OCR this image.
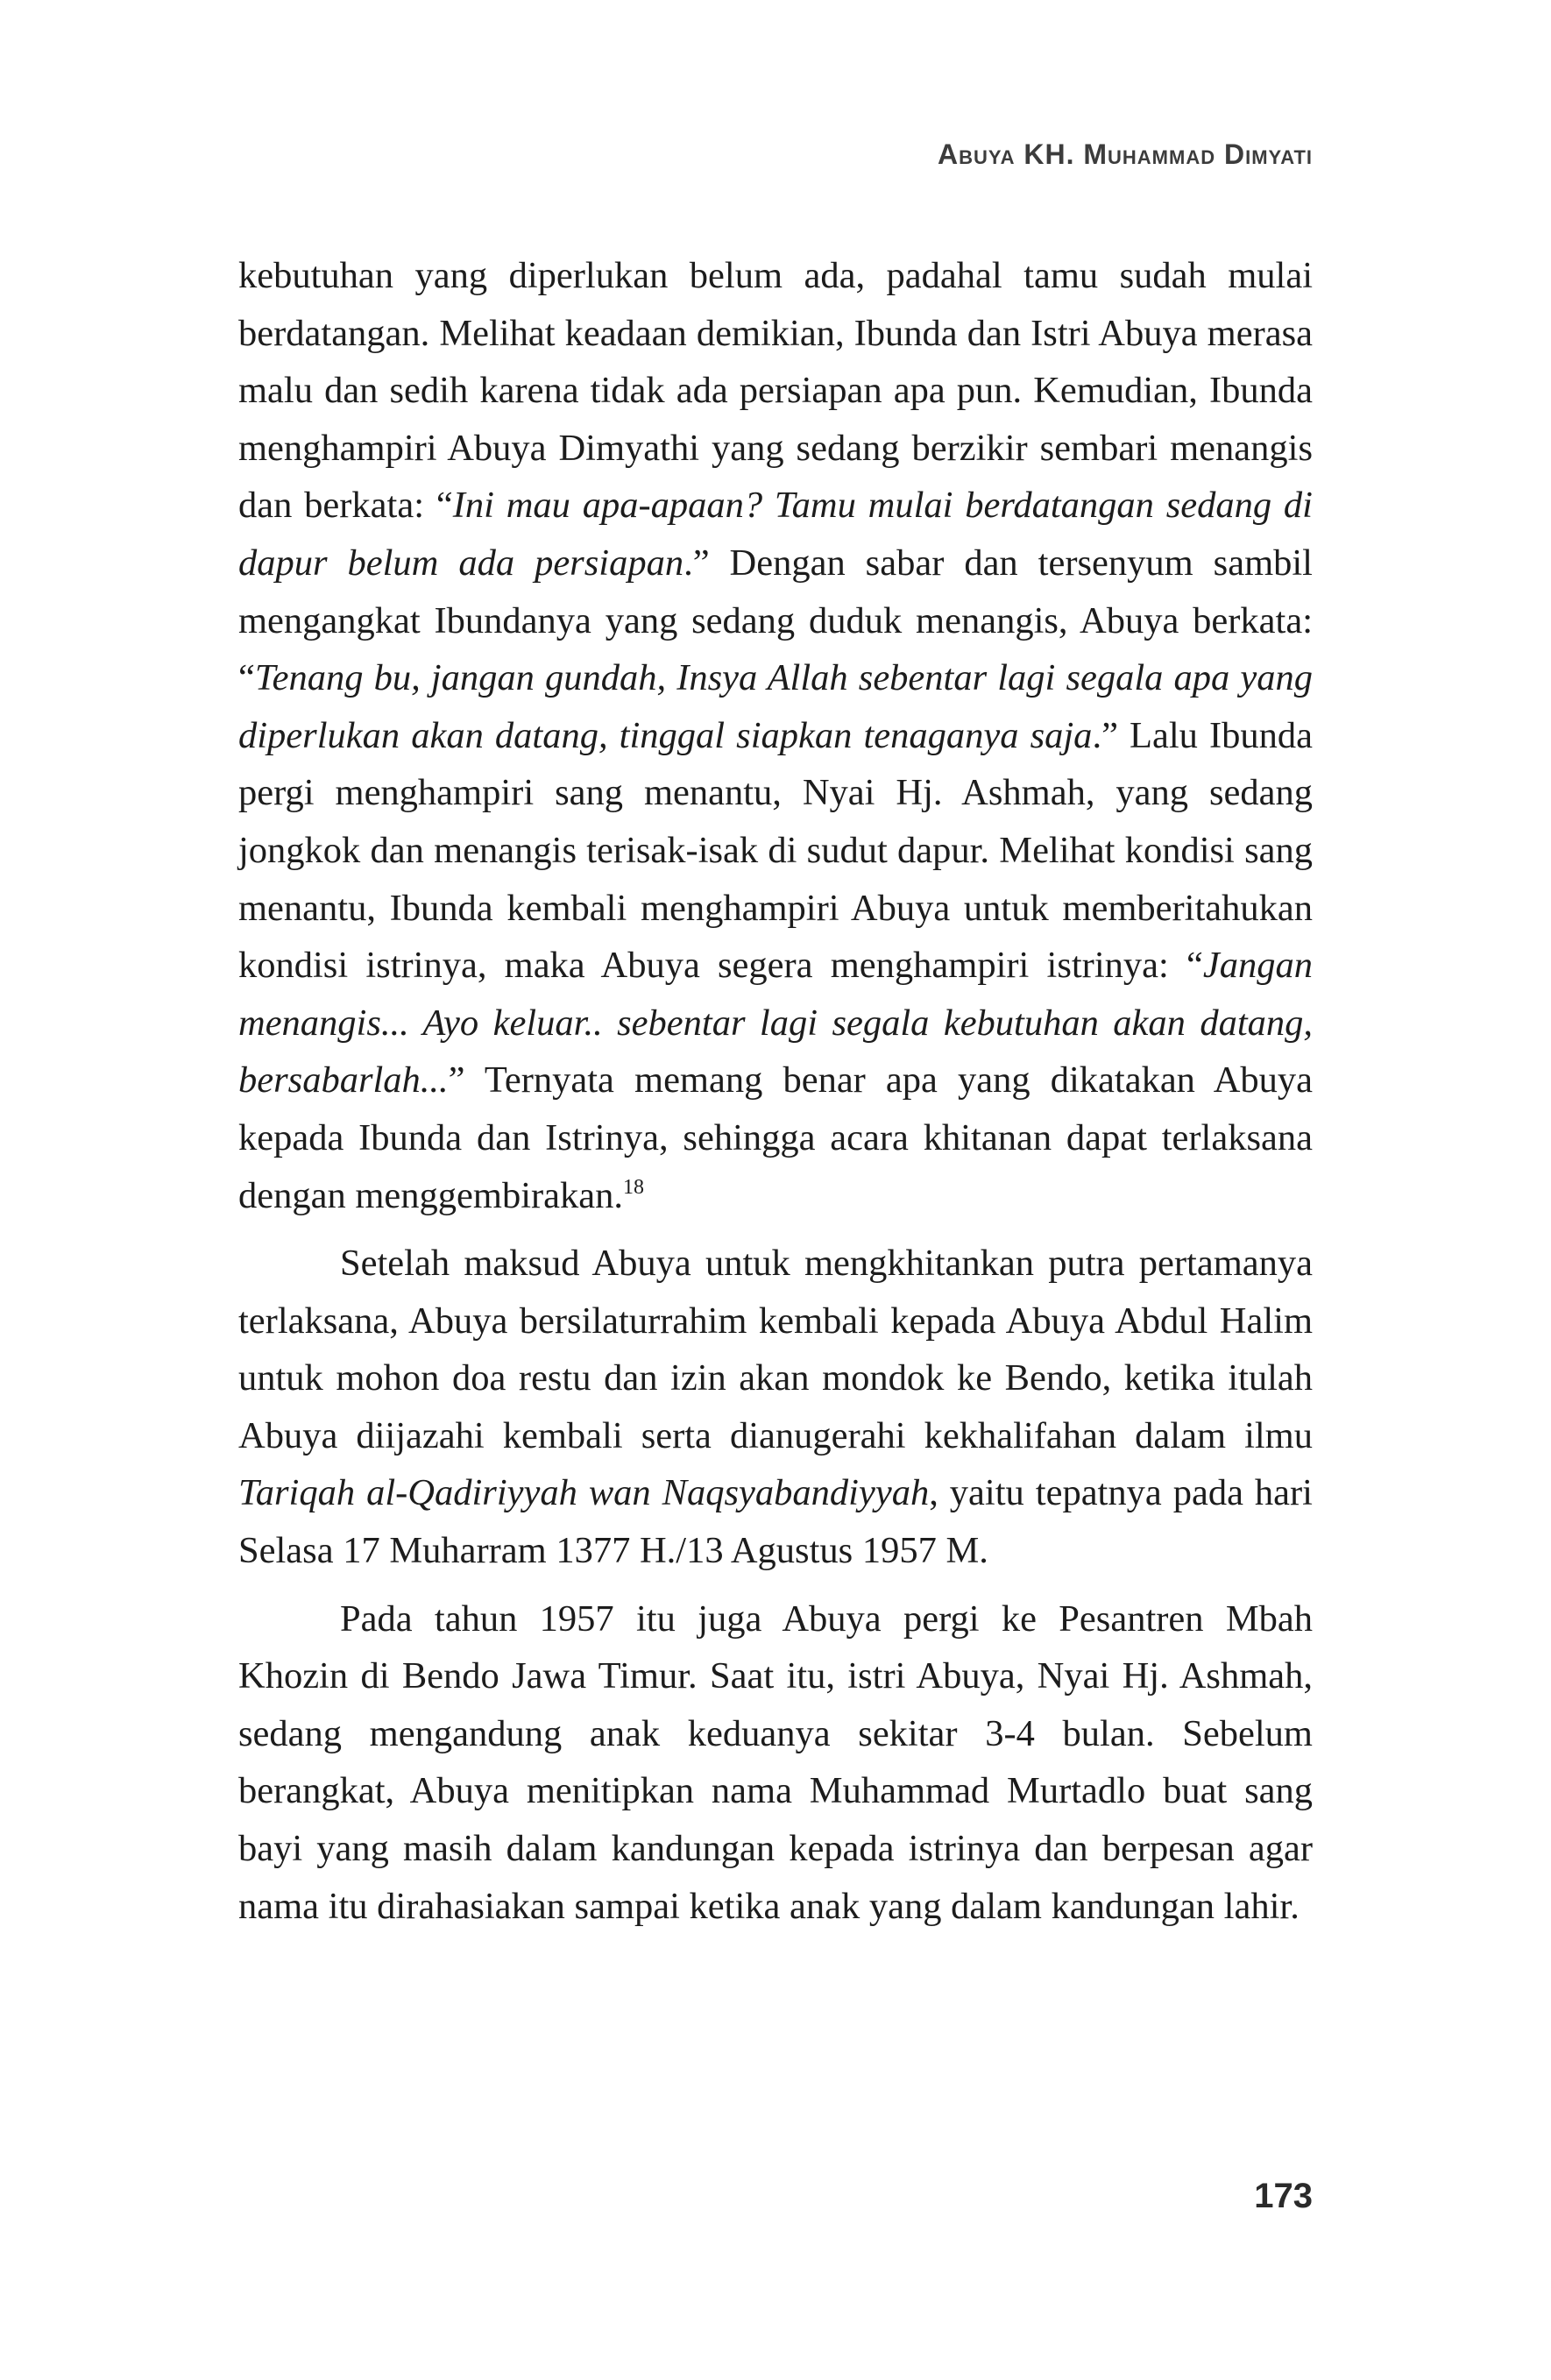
Abuya KH. Muhammad Dimyati

kebutuhan yang diperlukan belum ada, padahal tamu sudah mulai berdatangan. Melihat keadaan demikian, Ibunda dan Istri Abuya merasa malu dan sedih karena tidak ada persiapan apa pun. Kemudian, Ibunda menghampiri Abuya Dimyathi yang sedang berzikir sembari menangis dan berkata: “Ini mau apa-apaan? Tamu mulai berdatangan sedang di dapur belum ada persiapan.” Dengan sabar dan tersenyum sambil mengangkat Ibundanya yang sedang duduk menangis, Abuya berkata: “Tenang bu, jangan gundah, Insya Allah sebentar lagi segala apa yang diperlukan akan datang, tinggal siapkan tenaganya saja.” Lalu Ibunda pergi menghampiri sang menantu, Nyai Hj. Ashmah, yang sedang jongkok dan menangis terisak-isak di sudut dapur. Melihat kondisi sang menantu, Ibunda kembali menghampiri Abuya untuk memberitahukan kondisi istrinya, maka Abuya segera menghampiri istrinya: “Jangan menangis... Ayo keluar.. sebentar lagi segala kebutuhan akan datang, bersabarlah...” Ternyata memang benar apa yang dikatakan Abuya kepada Ibunda dan Istrinya, sehingga acara khitanan dapat terlaksana dengan menggembirakan.$^{18}$

Setelah maksud Abuya untuk mengkhitankan putra pertamanya terlaksana, Abuya bersilaturrahim kembali kepada Abuya Abdul Halim untuk mohon doa restu dan izin akan mondok ke Bendo, ketika itulah Abuya diijazahi kembali serta dianugerahi kekhalifahan dalam ilmu Tariqah al-Qadiriyyah wan Naqsyabandiyyah, yaitu tepatnya pada hari Selasa 17 Muharram 1377 H./13 Agustus 1957 M.

Pada tahun 1957 itu juga Abuya pergi ke Pesantren Mbah Khozin di Bendo Jawa Timur. Saat itu, istri Abuya, Nyai Hj. Ashmah, sedang mengandung anak keduanya sekitar 3-4 bulan. Sebelum berangkat, Abuya menitipkan nama Muhammad Murtadlo buat sang bayi yang masih dalam kandungan kepada istrinya dan berpesan agar nama itu dirahasiakan sampai ketika anak yang dalam kandungan lahir.

173
